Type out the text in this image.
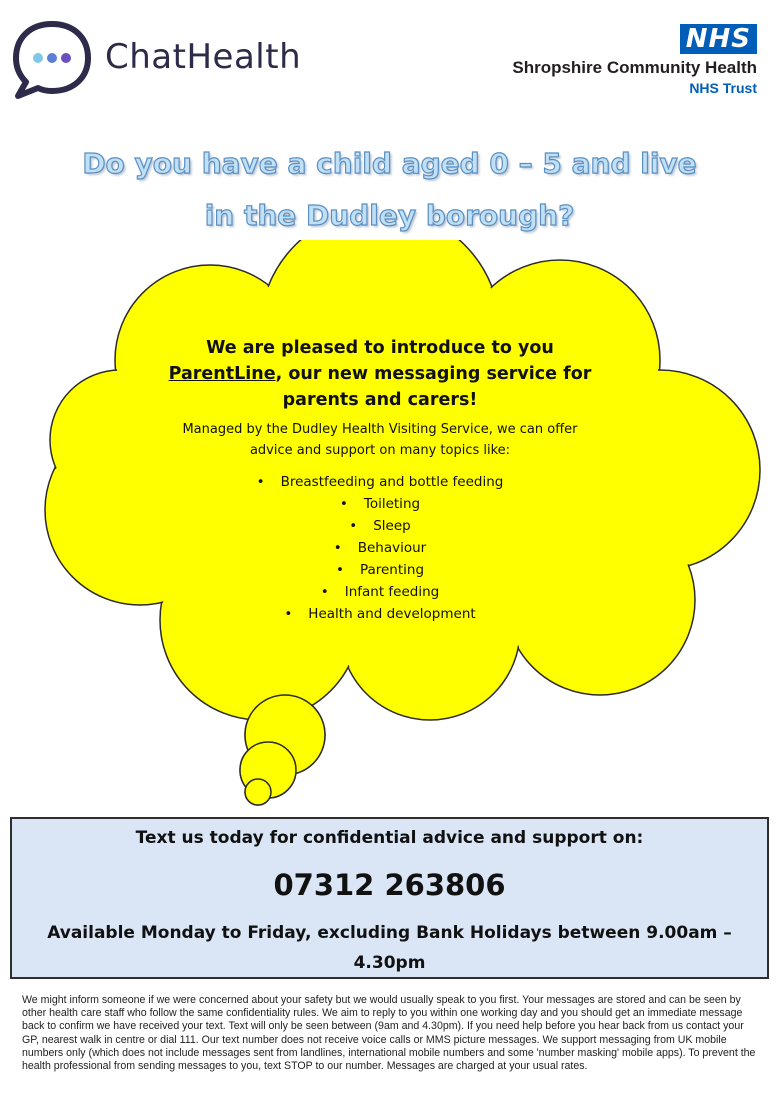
ChatHealth	NHS
Shropshire Community Health
NHS Trust
Do you have a child aged 0 – 5 and live
in the Dudley borough?
We are pleased to introduce to you
ParentLine, our new messaging service for
parents and carers!
Managed by the Dudley Health Visiting Service, we can offer
advice and support on many topics like:
• Breastfeeding and bottle feeding
• Toileting
• Sleep
• Behaviour
• Parenting
• Infant feeding
• Health and development
Text us today for confidential advice and support on:
07312 263806
Available Monday to Friday, excluding Bank Holidays between 9.00am – 4.30pm
We might inform someone if we were concerned about your safety but we would usually speak to you first. Your messages are stored and can be seen by other health care staff who follow the same confidentiality rules. We aim to reply to you within one working day and you should get an immediate message back to confirm we have received your text. Text will only be seen between (9am and 4.30pm). If you need help before you hear back from us contact your GP, nearest walk in centre or dial 111. Our text number does not receive voice calls or MMS picture messages. We support messaging from UK mobile numbers only (which does not include messages sent from landlines, international mobile numbers and some 'number masking' mobile apps). To prevent the health professional from sending messages to you, text STOP to our number. Messages are charged at your usual rates.
